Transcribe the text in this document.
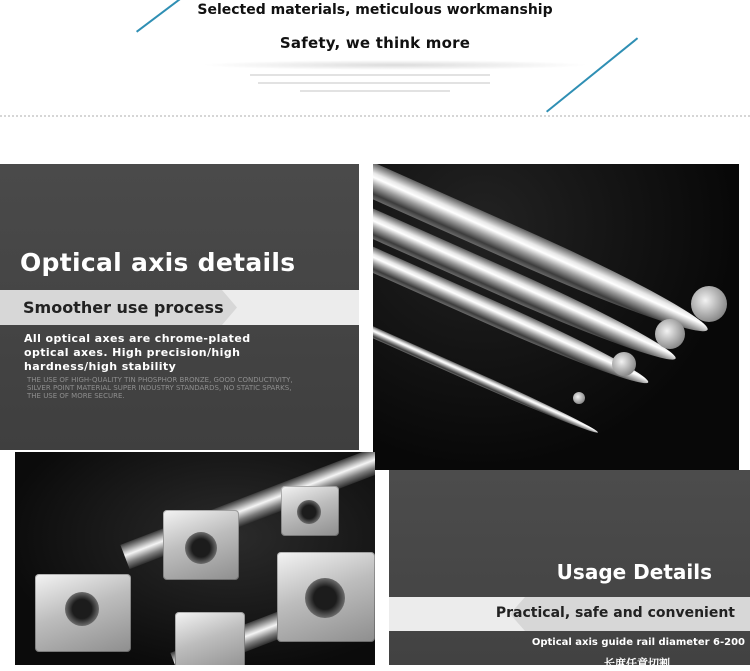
Selected materials, meticulous workmanship
Safety, we think more
Optical axis details
Smoother use process
All optical axes are chrome-plated optical axes. High precision/high hardness/high stability
THE USE OF HIGH-QUALITY TIN PHOSPHOR BRONZE, GOOD CONDUCTIVITY, SILVER POINT MATERIAL SUPER INDUSTRY STANDARDS, NO STATIC SPARKS, THE USE OF MORE SECURE.
Usage Details
Practical, safe and convenient
Optical axis guide rail diameter 6-200
长度任意切割
